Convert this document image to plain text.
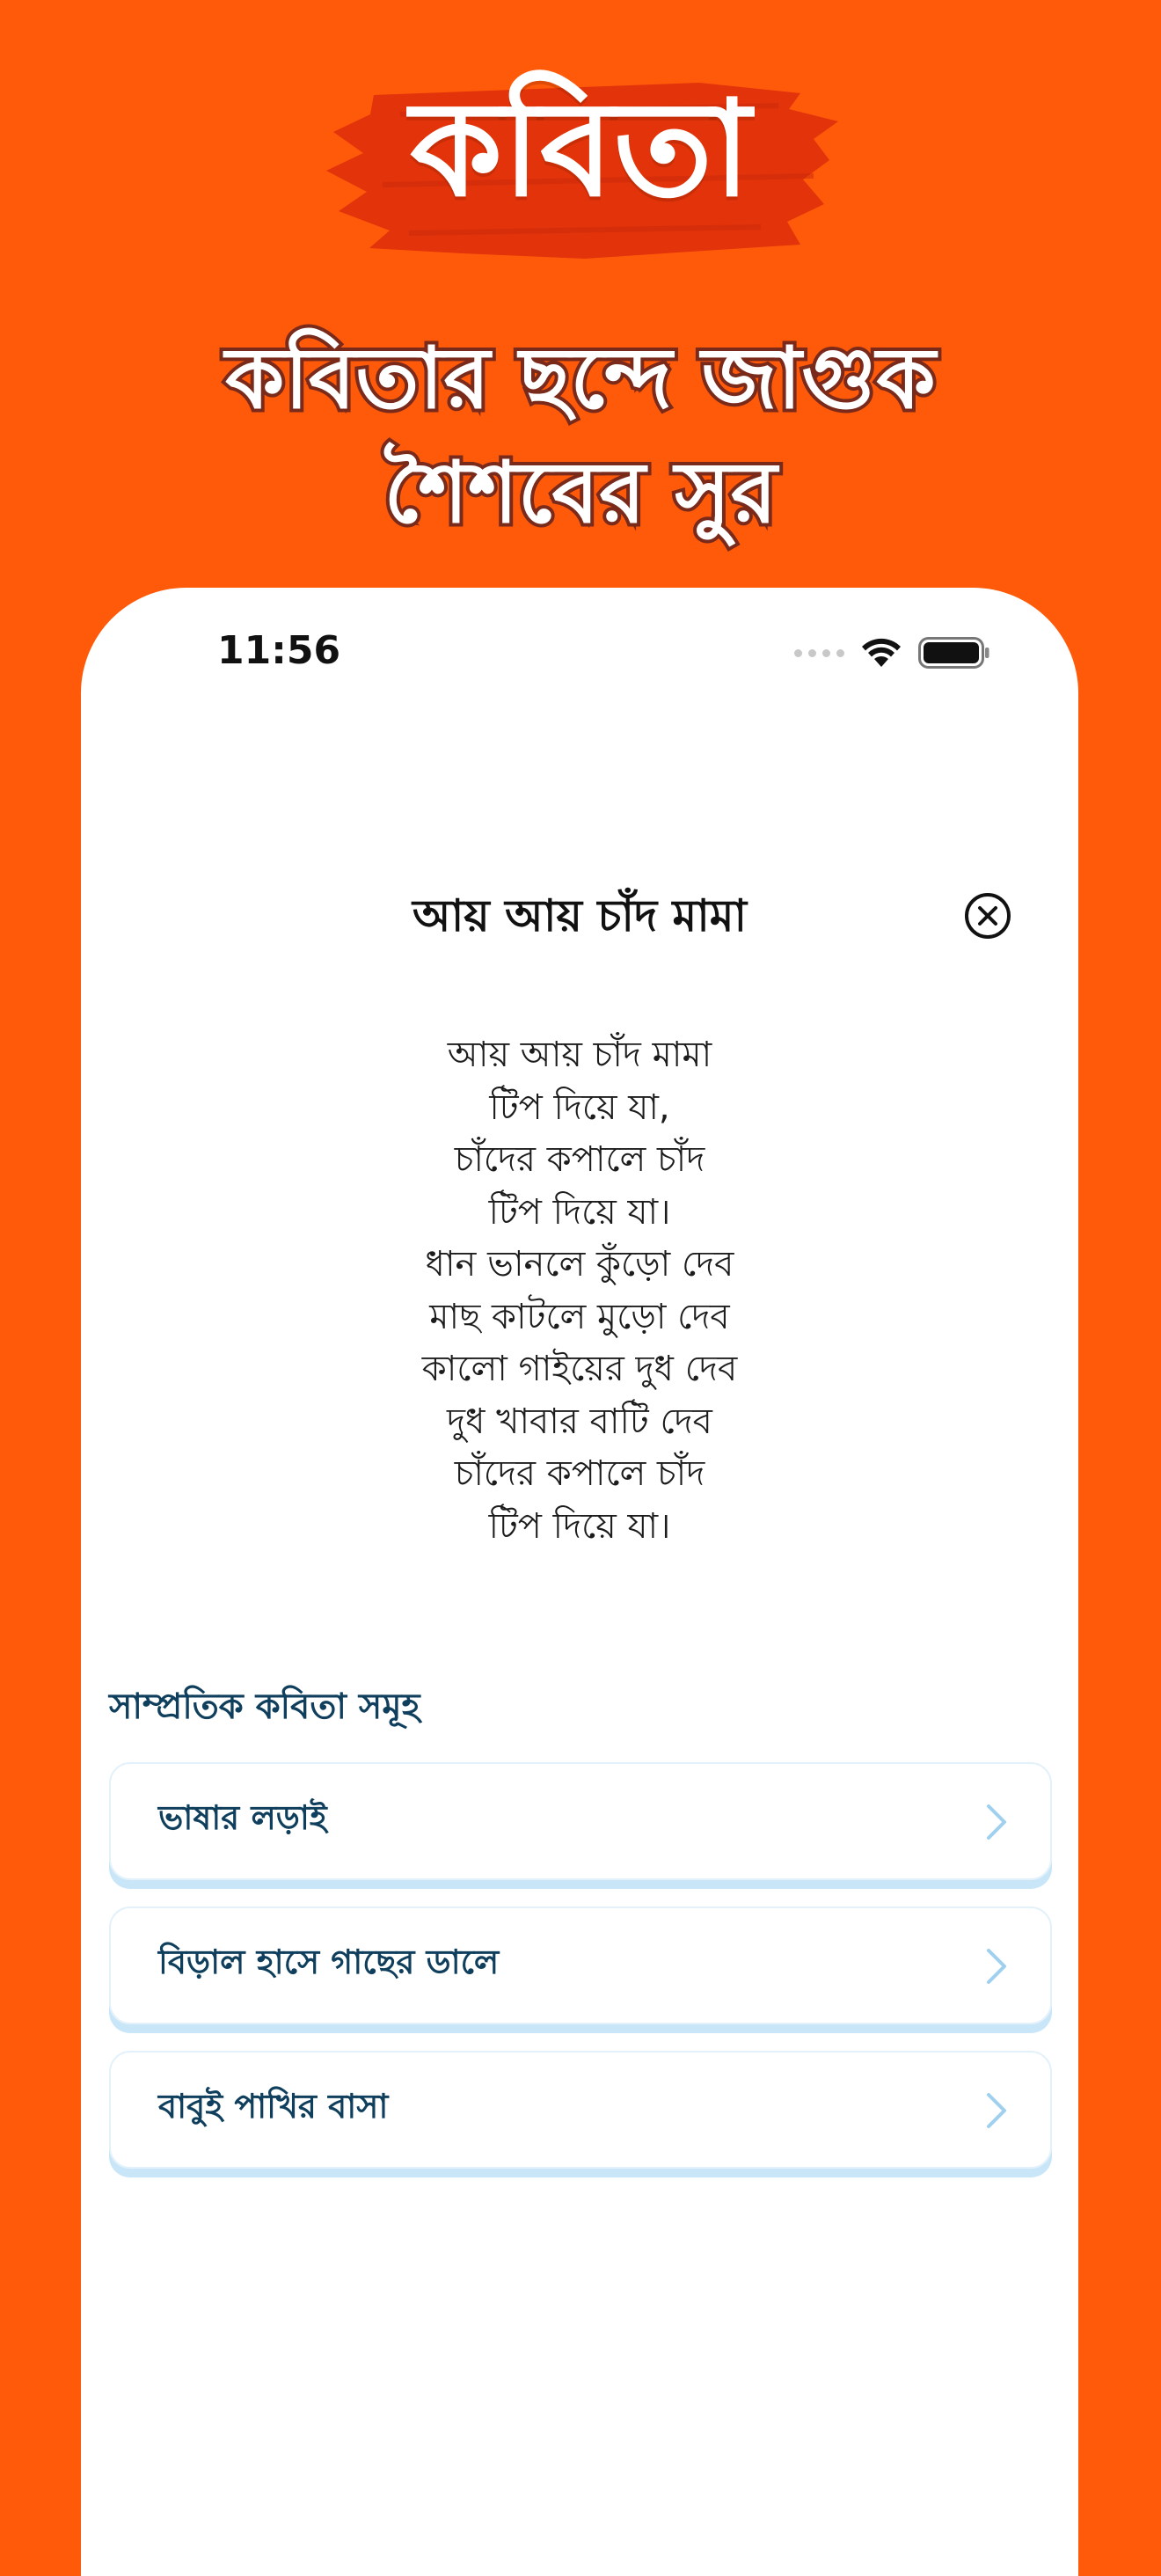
কবিতা
কবিতার ছন্দে জাগুক
শৈশবের সুর
11:56
আয় আয় চাঁদ মামা
আয় আয় চাঁদ মামা
টিপ দিয়ে যা,
চাঁদের কপালে চাঁদ
টিপ দিয়ে যা।
ধান ভানলে কুঁড়ো দেব
মাছ কাটলে মুড়ো দেব
কালো গাইয়ের দুধ দেব
দুধ খাবার বাটি দেব
চাঁদের কপালে চাঁদ
টিপ দিয়ে যা।
সাম্প্রতিক কবিতা সমূহ
ভাষার লড়াই
বিড়াল হাসে গাছের ডালে
বাবুই পাখির বাসা
